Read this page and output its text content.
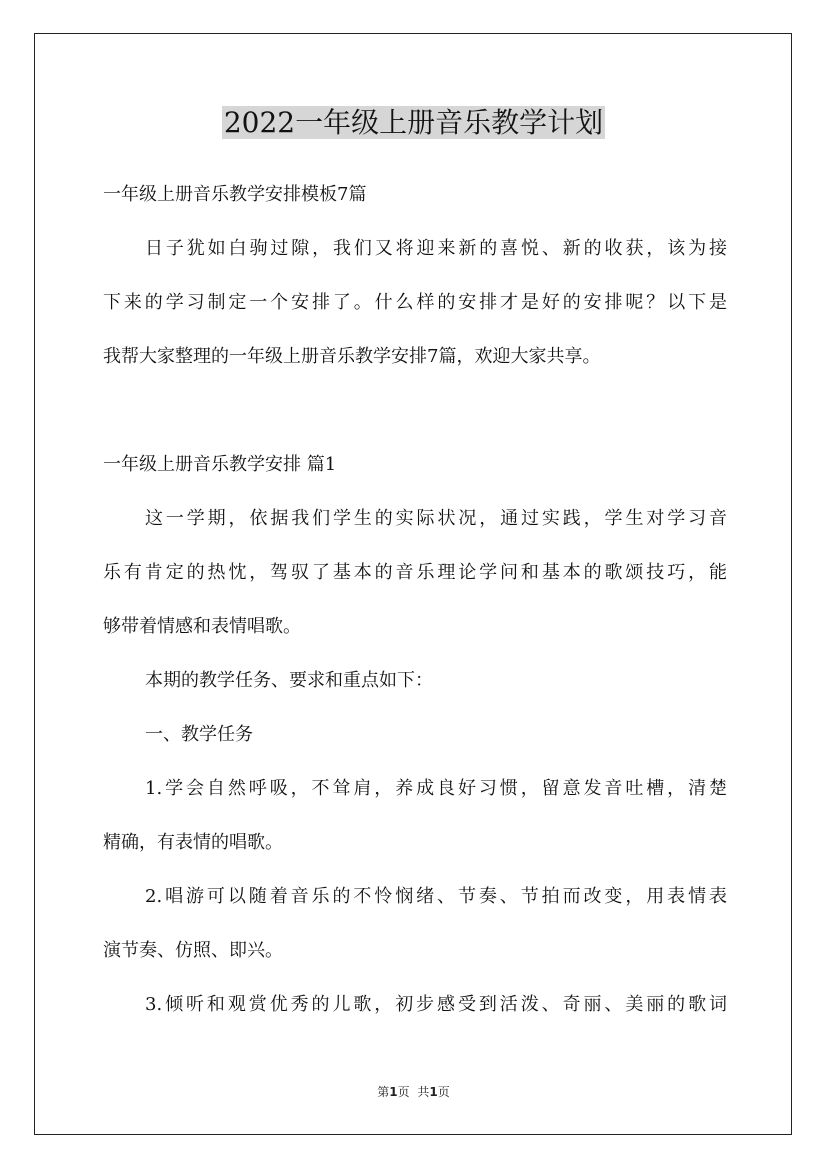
2022一年级上册音乐教学计划

一年级上册音乐教学安排模板7篇

日子犹如白驹过隙，我们又将迎来新的喜悦、新的收获，该为接

下来的学习制定一个安排了。什么样的安排才是好的安排呢？以下是

我帮大家整理的一年级上册音乐教学安排7篇，欢迎大家共享。

一年级上册音乐教学安排 篇1

这一学期，依据我们学生的实际状况，通过实践，学生对学习音

乐有肯定的热忱，驾驭了基本的音乐理论学问和基本的歌颂技巧，能

够带着情感和表情唱歌。

本期的教学任务、要求和重点如下：

一、教学任务

1.学会自然呼吸，不耸肩，养成良好习惯，留意发音吐槽，清楚

精确，有表情的唱歌。

2.唱游可以随着音乐的不怜悯绪、节奏、节拍而改变，用表情表

演节奏、仿照、即兴。

3.倾听和观赏优秀的儿歌，初步感受到活泼、奇丽、美丽的歌词

第1页 共1页
